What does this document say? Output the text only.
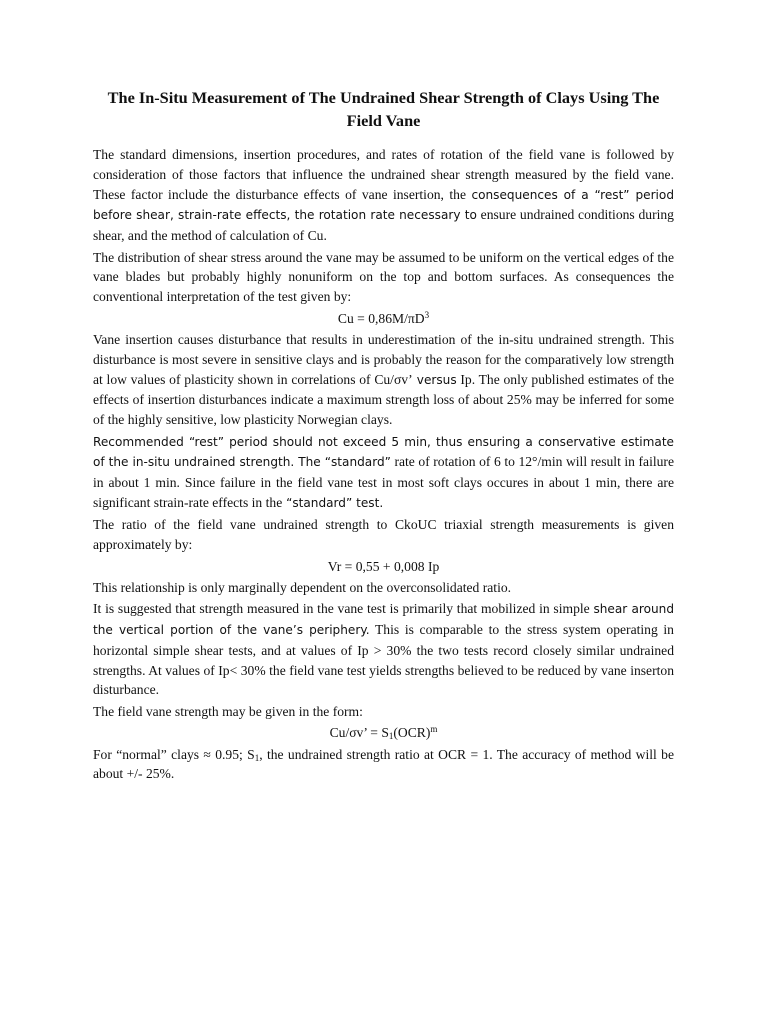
The In-Situ Measurement of The Undrained Shear Strength of Clays Using The Field Vane

The standard dimensions, insertion procedures, and rates of rotation of the field vane is followed by consideration of those factors that influence the undrained shear strength measured by the field vane. These factor include the disturbance effects of vane insertion, the consequences of a “rest” period before shear, strain-rate effects, the rotation rate necessary to ensure undrained conditions during shear, and the method of calculation of Cu.

The distribution of shear stress around the vane may be assumed to be uniform on the vertical edges of the vane blades but probably highly nonuniform on the top and bottom surfaces. As consequences the conventional interpretation of the test given by:

$Cu = 0,86M/\pi D^3$

Vane insertion causes disturbance that results in underestimation of the in-situ undrained strength. This disturbance is most severe in sensitive clays and is probably the reason for the comparatively low strength at low values of plasticity shown in correlations of Cu/σv’ versus Ip. The only published estimates of the effects of insertion disturbances indicate a maximum strength loss of about 25% may be inferred for some of the highly sensitive, low plasticity Norwegian clays.

Recommended “rest” period should not exceed 5 min, thus ensuring a conservative estimate of the in-situ undrained strength. The “standard” rate of rotation of 6 to 12°/min will result in failure in about 1 min. Since failure in the field vane test in most soft clays occures in about 1 min, there are significant strain-rate effects in the “standard” test.

The ratio of the field vane undrained strength to CkoUC triaxial strength measurements is given approximately by:

Vr = 0,55 + 0,008 Ip

This relationship is only marginally dependent on the overconsolidated ratio.

It is suggested that strength measured in the vane test is primarily that mobilized in simple shear around the vertical portion of the vane’s periphery. This is comparable to the stress system operating in horizontal simple shear tests, and at values of Ip > 30% the two tests record closely similar undrained strengths. At values of Ip< 30% the field vane test yields strengths believed to be reduced by vane inserton disturbance.

The field vane strength may be given in the form:

Cu/σv’ = $S_1(OCR)^m$

For “normal” clays ≈ 0.95; $S_1$, the undrained strength ratio at OCR = 1. The accuracy of method will be about +/- 25%.
